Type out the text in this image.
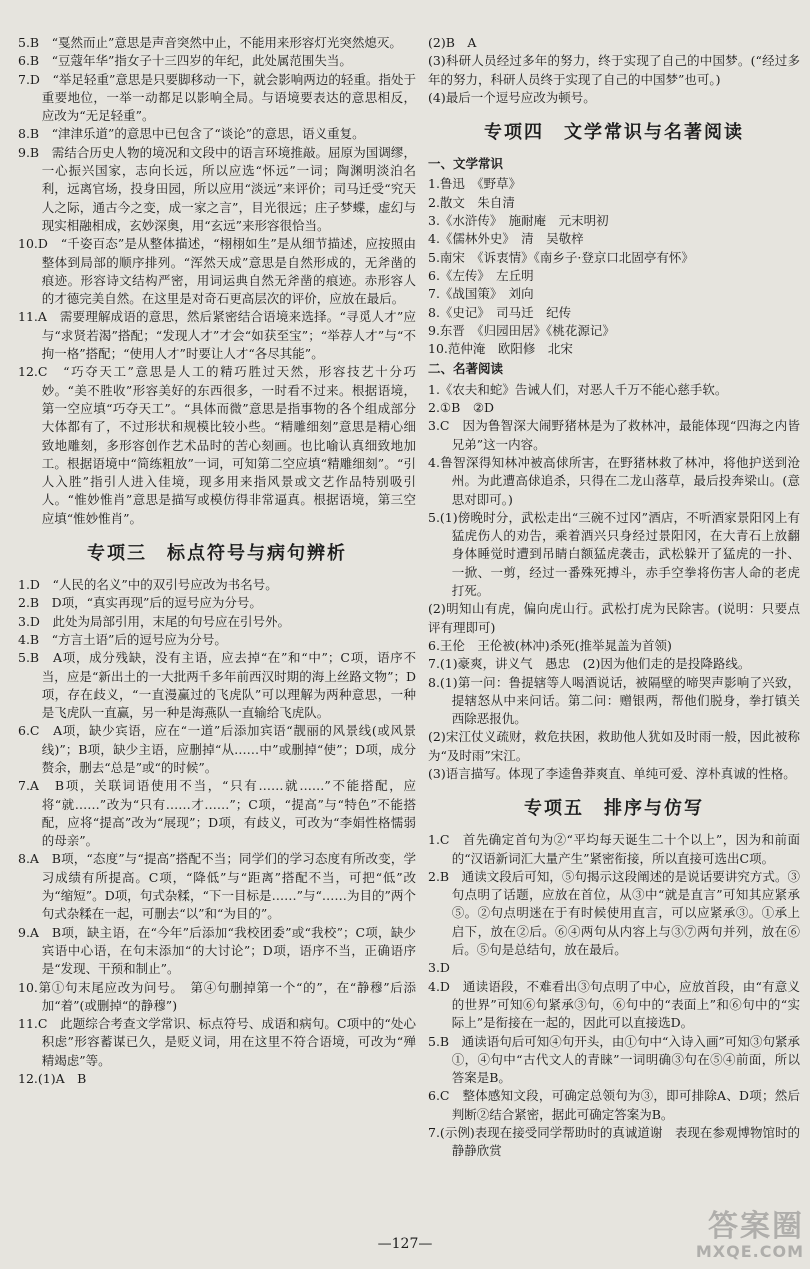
5.B　“戛然而止”意思是声音突然中止，不能用来形容灯光突然熄灭。
6.B　“豆蔻年华”指女子十三四岁的年纪，此处属范围失当。
7.D　“举足轻重”意思是只要脚移动一下，就会影响两边的轻重。指处于重要地位，一举一动都足以影响全局。与语境要表达的意思相反，应改为“无足轻重”。
8.B　“津津乐道”的意思中已包含了“谈论”的意思，语义重复。
9.B　需结合历史人物的境况和文段中的语言环境推敲。屈原为国调缪，一心振兴国家，志向长远，所以应选“怀远”一词；陶渊明淡泊名利，远离官场，投身田园，所以应用“淡远”来评价；司马迁受“究天人之际，通古今之变，成一家之言”，目光很远；庄子梦蝶，虚幻与现实相融相成，玄妙深奥，用“玄远”来形容很恰当。
10.D　“千姿百态”是从整体描述，“栩栩如生”是从细节描述，应按照由整体到局部的顺序排列。“浑然天成”意思是自然形成的，无斧凿的痕迹。形容诗文结构严密，用词运典自然无斧凿的痕迹。赤形容人的才德完美自然。在这里是对奇石更高层次的评价，应放在最后。
11.A　需要理解成语的意思，然后紧密结合语境来选择。“寻觅人才”应与“求贤若渴”搭配；“发现人才”才会“如获至宝”；“举荐人才”与“不拘一格”搭配；“使用人才”时要让人才“各尽其能”。
12.C　“巧夺天工”意思是人工的精巧胜过天然，形容技艺十分巧妙。“美不胜收”形容美好的东西很多，一时看不过来。根据语境，第一空应填“巧夺天工”。“具体而微”意思是指事物的各个组成部分大体都有了，不过形状和规模比较小些。“精雕细刻”意思是精心细致地雕刻，多形容创作艺术品时的苦心刻画。也比喻认真细致地加工。根据语境中“简练粗放”一词，可知第二空应填“精雕细刻”。“引人入胜”指引人进入佳境，现多用来指风景或文艺作品特别吸引人。“惟妙惟肖”意思是描写或模仿得非常逼真。根据语境，第三空应填“惟妙惟肖”。
专项三　标点符号与病句辨析
1.D　“人民的名义”中的双引号应改为书名号。
2.B　D项，“真实再现”后的逗号应为分号。
3.D　此处为局部引用，末尾的句号应在引号外。
4.B　“方言土语”后的逗号应为分号。
5.B　A项，成分残缺，没有主语，应去掉“在”和“中”；C项，语序不当，应是“新出土的一大批两千多年前西汉时期的海上丝路文物”；D项，存在歧义，“一直漫赢过的飞虎队”可以理解为两种意思，一种是飞虎队一直赢，另一种是海燕队一直输给飞虎队。
6.C　A项，缺少宾语，应在“一道”后添加宾语“靓丽的风景线(或风景线)”；B项，缺少主语，应删掉“从……中”或删掉“使”；D项，成分赘余，删去“总是”或“的时候”。
7.A　B项，关联词语使用不当，“只有……就……”不能搭配，应将“就……”改为“只有……才……”；C项，“提高”与“特色”不能搭配，应将“提高”改为“展现”；D项，有歧义，可改为“李娟性格懦弱的母亲”。
8.A　B项，“态度”与“提高”搭配不当；同学们的学习态度有所改变，学习成绩有所提高。C项，“降低”与“距离”搭配不当，可把“低”改为“缩短”。D项，句式杂糅，“下一目标是……”与“……为目的”两个句式杂糅在一起，可删去“以”和“为目的”。
9.A　B项，缺主语，在“今年”后添加“我校团委”或“我校”；C项，缺少宾语中心语，在句末添加“的大讨论”；D项，语序不当，正确语序是“发现、干预和制止”。
10.第①句末尾应改为问号。　第④句删掉第一个“的”，在“静穆”后添加“着”(或删掉“的静穆”)
11.C　此题综合考查文学常识、标点符号、成语和病句。C项中的“处心积虑”形容蓄谋已久，是贬义词，用在这里不符合语境，可改为“殚精竭虑”等。
12.(1)A　B
(2)B　A
(3)科研人员经过多年的努力，终于实现了自己的中国梦。(“经过多年的努力，科研人员终于实现了自己的中国梦”也可。)
(4)最后一个逗号应改为顿号。
专项四　文学常识与名著阅读
一、文学常识
1.鲁迅　《野草》
2.散文　朱自清
3.《水浒传》　施耐庵　元末明初
4.《儒林外史》　清　吴敬梓
5.南宋　《诉衷情》《南乡子·登京口北固亭有怀》
6.《左传》　左丘明
7.《战国策》　刘向
8.《史记》　司马迁　纪传
9.东晋　《归园田居》《桃花源记》
10.范仲淹　欧阳修　北宋
二、名著阅读
1.《农夫和蛇》告诫人们，对恶人千万不能心慈手软。
2.①B　②D
3.C　因为鲁智深大闹野猪林是为了救林冲，最能体现“四海之内皆兄弟”这一内容。
4.鲁智深得知林冲被高俅所害，在野猪林救了林冲，将他护送到沧州。为此遭高俅追杀，只得在二龙山落草，最后投奔梁山。(意思对即可。)
5.(1)傍晚时分，武松走出“三碗不过冈”酒店，不听酒家景阳冈上有猛虎伤人的劝告，乘着酒兴只身经过景阳冈，在大青石上放翻身体睡觉时遭到吊睛白额猛虎袭击，武松躲开了猛虎的一扑、一掀、一剪，经过一番殊死搏斗，赤手空拳将伤害人命的老虎打死。
(2)明知山有虎，偏向虎山行。武松打虎为民除害。(说明：只要点评有理即可)
6.王伦　王伦被(林冲)杀死(推举晁盖为首领)
7.(1)豪爽，讲义气　愚忠　(2)因为他们走的是投降路线。
8.(1)第一问：鲁提辖等人喝酒说话，被隔壁的啼哭声影响了兴致，提辖怒从中来问话。第二问：赠银两，帮他们脱身，拳打镇关西除恶报仇。
(2)宋江仗义疏财，救危扶困，救助他人犹如及时雨一般，因此被称为“及时雨”宋江。
(3)语言描写。体现了李逵鲁莽爽直、单纯可爱、淳朴真诚的性格。
专项五　排序与仿写
1.C　首先确定首句为②“平均每天诞生二十个以上”，因为和前面的“汉语新词汇大量产生”紧密衔接，所以直接可选出C项。
2.B　通读文段后可知，⑤句揭示这段阐述的是说话要讲究方式。③句点明了话题，应放在首位，从③中“就是直言”可知其应紧承⑤。②句点明迷在于有时候使用直言，可以应紧承③。①承上启下，放在②后。⑥④两句从内容上与③⑦两句并列，放在⑥后。⑤句是总结句，放在最后。
3.D
4.D　通读语段，不难看出③句点明了中心，应放首段，由“有意义的世界”可知⑥句紧承③句，⑥句中的“表面上”和⑥句中的“实际上”是衔接在一起的，因此可以直接选D。
5.B　通读语句后可知④句开头，由①句中“入诗入画”可知③句紧承①，④句中“古代文人的青睐”一词明确③句在⑤④前面，所以答案是B。
6.C　整体感知文段，可确定总领句为③，即可排除A、D项；然后判断②结合紧密，据此可确定答案为B。
7.(示例)表现在接受同学帮助时的真诚道谢　表现在参观博物馆时的静静欣赏
—127—	答案圈
MXQE.COM
